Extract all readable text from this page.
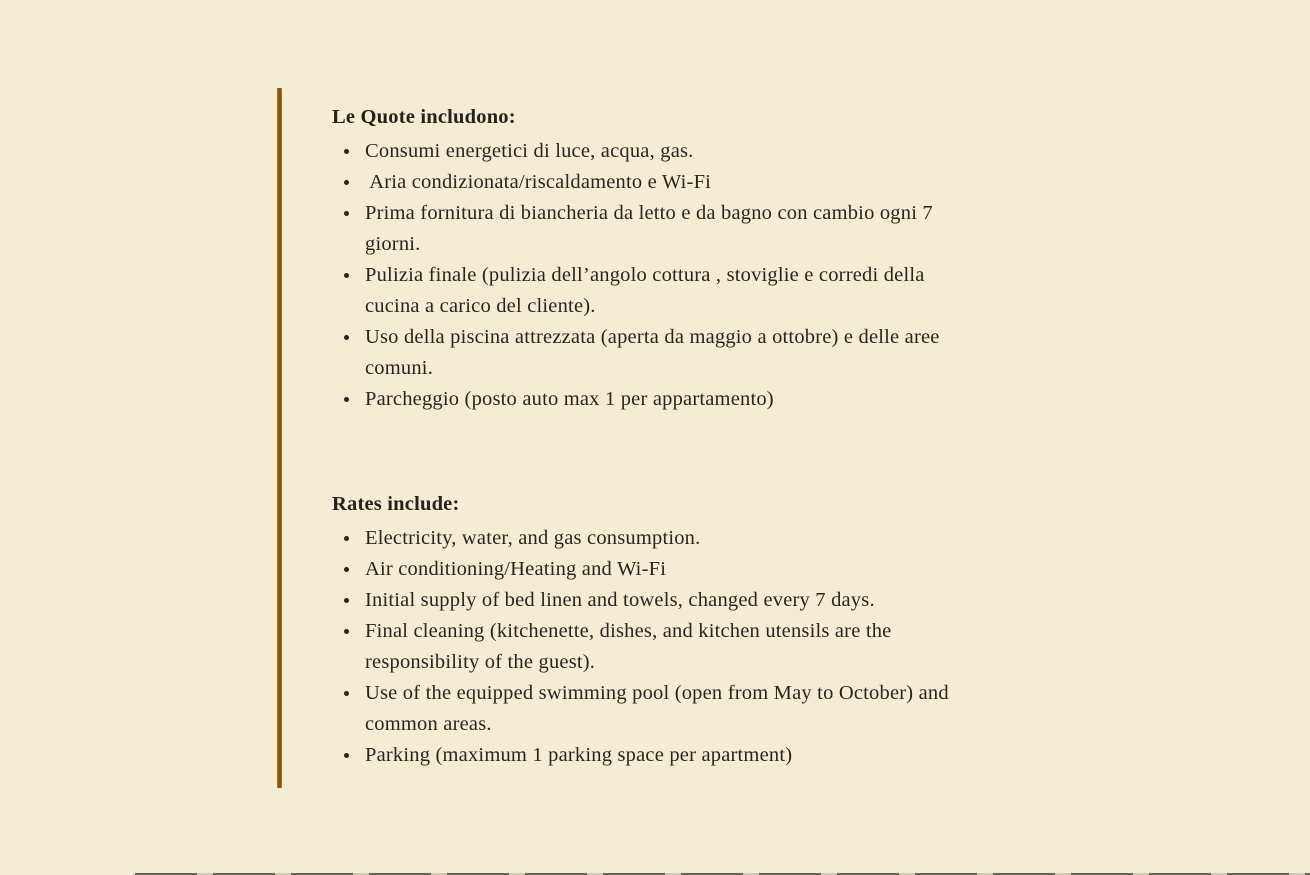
Le Quote includono:
Consumi energetici di luce, acqua, gas.
Aria condizionata/riscaldamento e Wi-Fi
Prima fornitura di biancheria da letto e da bagno con cambio ogni 7
giorni.
Pulizia finale (pulizia dell’angolo cottura , stoviglie e corredi della
cucina a carico del cliente).
Uso della piscina attrezzata (aperta da maggio a ottobre) e delle aree
comuni.
Parcheggio (posto auto max 1 per appartamento)
Rates include:
Electricity, water, and gas consumption.
Air conditioning/Heating and Wi-Fi
Initial supply of bed linen and towels, changed every 7 days.
Final cleaning (kitchenette, dishes, and kitchen utensils are the
responsibility of the guest).
Use of the equipped swimming pool (open from May to October) and
common areas.
Parking (maximum 1 parking space per apartment)
